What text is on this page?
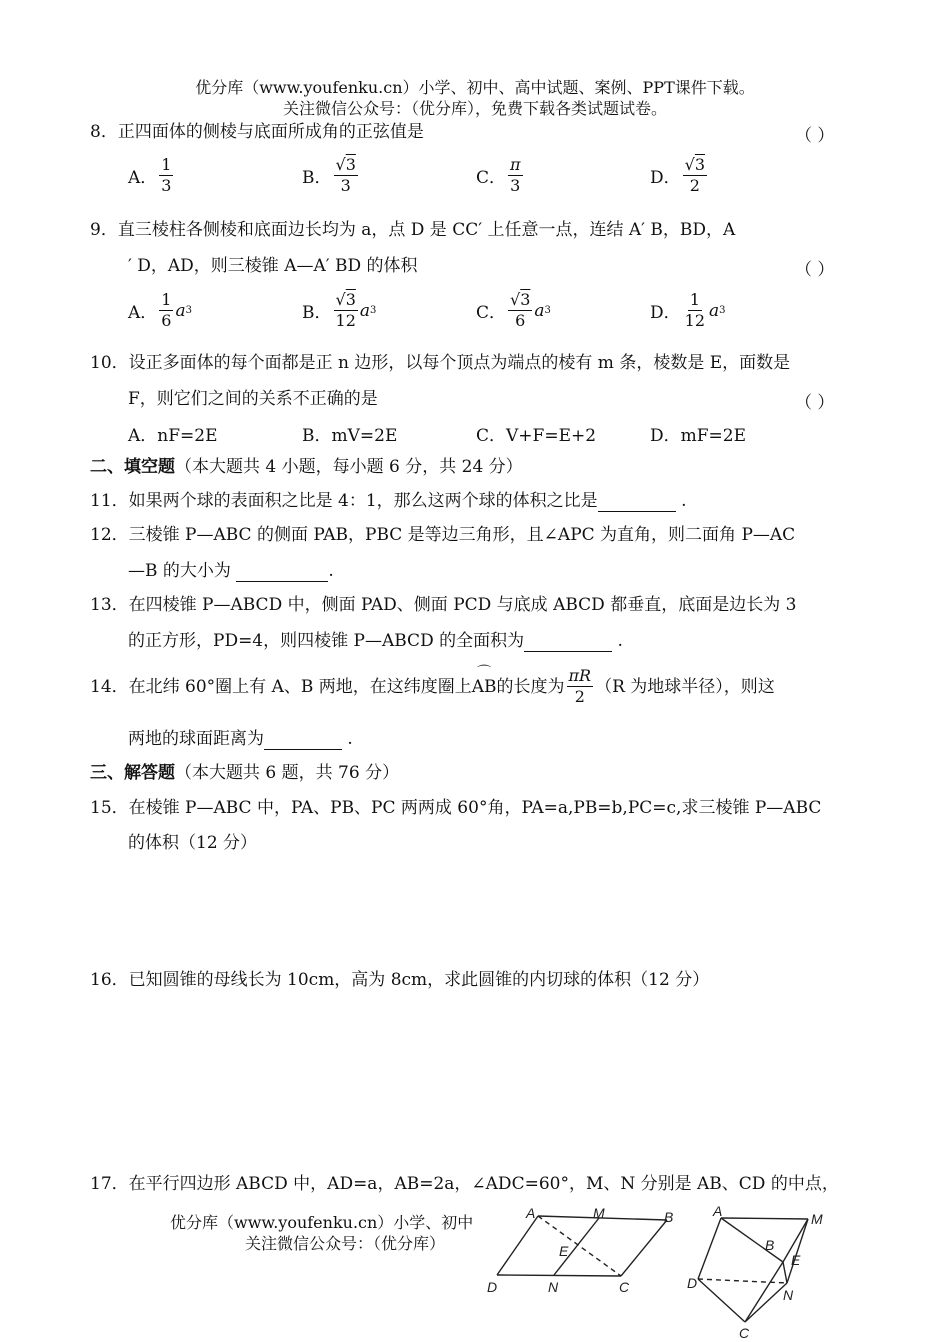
优分库（www.youfenku.cn）小学、初中、高中试题、案例、PPT课件下载。
关注微信公众号：（优分库），免费下载各类试题试卷。
8．正四面体的侧棱与底面所成角的正弦值是	（ ）
A． $\frac{1}{3}$	B． $\frac{√3}{3}$	C． $\frac{\pi}{3}$	D． $\frac{√3}{2}$
9．直三棱柱各侧棱和底面边长均为 a，点 D 是 CC′ 上任意一点，连结 A′ B，BD，A
′ D，AD，则三棱锥 A—A′ BD 的体积	（ ）
A． $\frac{1}{6}$ a 3	B． $\frac{√3}{12}$ a 3	C． $\frac{√3}{6}$ a 3	D． $\frac{1}{12}$ a 3
10．设正多面体的每个面都是正 n 边形，以每个顶点为端点的棱有 m 条，棱数是 E，面数是
F，则它们之间的关系不正确的是	（ ）
A．nF=2E	B．mV=2E	C．V+F=E+2	D．mF=2E
二、填空题（本大题共 4 小题，每小题 6 分，共 24 分）
11．如果两个球的表面积之比是 4：1，那么这两个球的体积之比是	.
12．三棱锥 P—ABC 的侧面 PAB，PBC 是等边三角形，且∠APC 为直角，则二面角 P—AC
—B 的大小为	.
13．在四棱锥 P—ABCD 中，侧面 PAD、侧面 PCD 与底成 ABCD 都垂直，底面是边长为 3
的正方形，PD=4，则四棱锥 P—ABCD 的全面积为	.
14．在北纬 60°圈上有 A、B 两地，在这纬度圈上
⌒
AB 的长度为 $\frac{\pi R}{2} (R$ 为地球半径），则这
两地的球面距离为	.
三、解答题（本大题共 6 题，共 76 分）
15．在棱锥 P—ABC 中，PA、PB、PC 两两成 60°角，PA=a,PB=b,PC=c,求三棱锥 P—ABC
的体积（12 分）
16．已知圆锥的母线长为 10cm，高为 8cm，求此圆锥的内切球的体积（12 分）
17．在平行四边形 ABCD 中，AD=a，AB=2a，∠ADC=60°，M、N 分别是 AB、CD 的中点，
优分库（www.youfenku.cn）小学、初中
关注微信公众号：（优分库）
A	M	B
E
D	N	C
A	M
B
E
D
N
C
